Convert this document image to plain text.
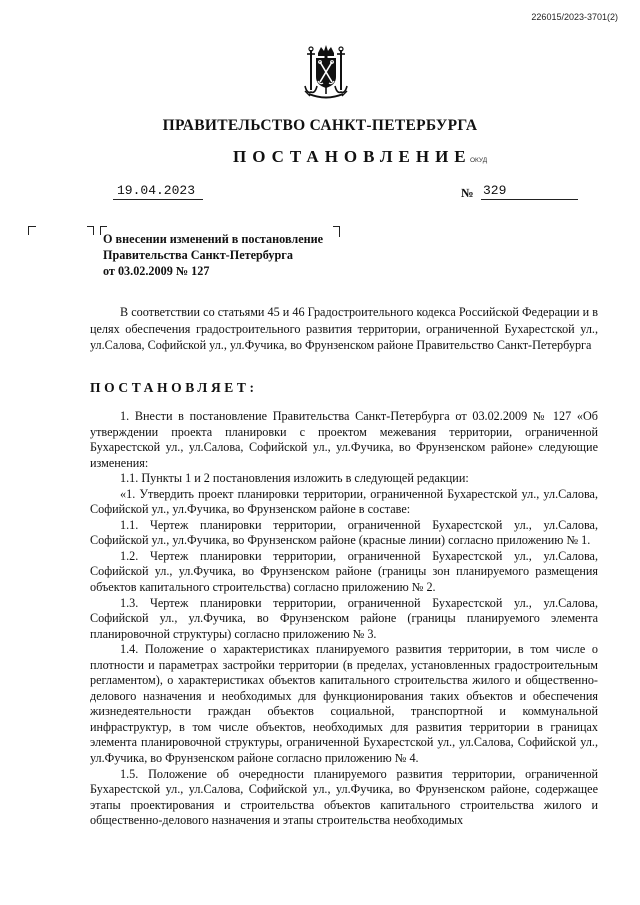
226015/2023-3701(2)
ПРАВИТЕЛЬСТВО САНКТ-ПЕТЕРБУРГА
ПОСТАНОВЛЕНИЕ
ОКУД
19.04.2023	№ 329
О внесении изменений в постановление
Правительства Санкт-Петербурга
от 03.02.2009 № 127

В соответствии со статьями 45 и 46 Градостроительного кодекса Российской Федерации и в целях обеспечения градостроительного развития территории, ограниченной Бухарестской ул., ул.Салова, Софийской ул., ул.Фучика, во Фрунзенском районе Правительство Санкт-Петербурга

ПОСТАНОВЛЯЕТ:

1. Внести в постановление Правительства Санкт-Петербурга от 03.02.2009 № 127 «Об утверждении проекта планировки с проектом межевания территории, ограниченной Бухарестской ул., ул.Салова, Софийской ул., ул.Фучика, во Фрунзенском районе» следующие изменения:

1.1. Пункты 1 и 2 постановления изложить в следующей редакции:

«1. Утвердить проект планировки территории, ограниченной Бухарестской ул., ул.Салова, Софийской ул., ул.Фучика, во Фрунзенском районе в составе:

1.1. Чертеж планировки территории, ограниченной Бухарестской ул., ул.Салова, Софийской ул., ул.Фучика, во Фрунзенском районе (красные линии) согласно приложению № 1.

1.2. Чертеж планировки территории, ограниченной Бухарестской ул., ул.Салова, Софийской ул., ул.Фучика, во Фрунзенском районе (границы зон планируемого размещения объектов капитального строительства) согласно приложению № 2.

1.3. Чертеж планировки территории, ограниченной Бухарестской ул., ул.Салова, Софийской ул., ул.Фучика, во Фрунзенском районе (границы планируемого элемента планировочной структуры) согласно приложению № 3.

1.4. Положение о характеристиках планируемого развития территории, в том числе о плотности и параметрах застройки территории (в пределах, установленных градостроительным регламентом), о характеристиках объектов капитального строительства жилого и общественно-делового назначения и необходимых для функционирования таких объектов и обеспечения жизнедеятельности граждан объектов социальной, транспортной и коммунальной инфраструктур, в том числе объектов, необходимых для развития территории в границах элемента планировочной структуры, ограниченной Бухарестской ул., ул.Салова, Софийской ул., ул.Фучика, во Фрунзенском районе согласно приложению № 4.

1.5. Положение об очередности планируемого развития территории, ограниченной Бухарестской ул., ул.Салова, Софийской ул., ул.Фучика, во Фрунзенском районе, содержащее этапы проектирования и строительства объектов капитального строительства жилого и общественно-делового назначения и этапы строительства необходимых
